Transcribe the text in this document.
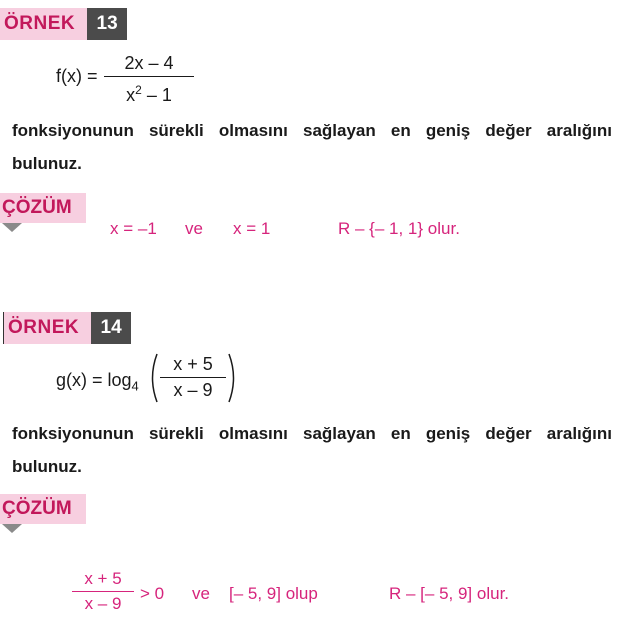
ÖRNEK	13
f(x) =
2x – 4
$x^2 - 1$
fonksiyonunun sürekli olmasını sağlayan en geniş değer aralığını
bulunuz.
ÇÖZÜM
x = –1 ve x = 1	R – {– 1, 1} olur.
ÖRNEK	14
$g(x) = \log_4$
x + 5
x – 9
fonksiyonunun sürekli olmasını sağlayan en geniş değer aralığını
bulunuz.
ÇÖZÜM
x + 5
x – 9
> 0 ve [– 5, 9] olup	R – [– 5, 9] olur.
